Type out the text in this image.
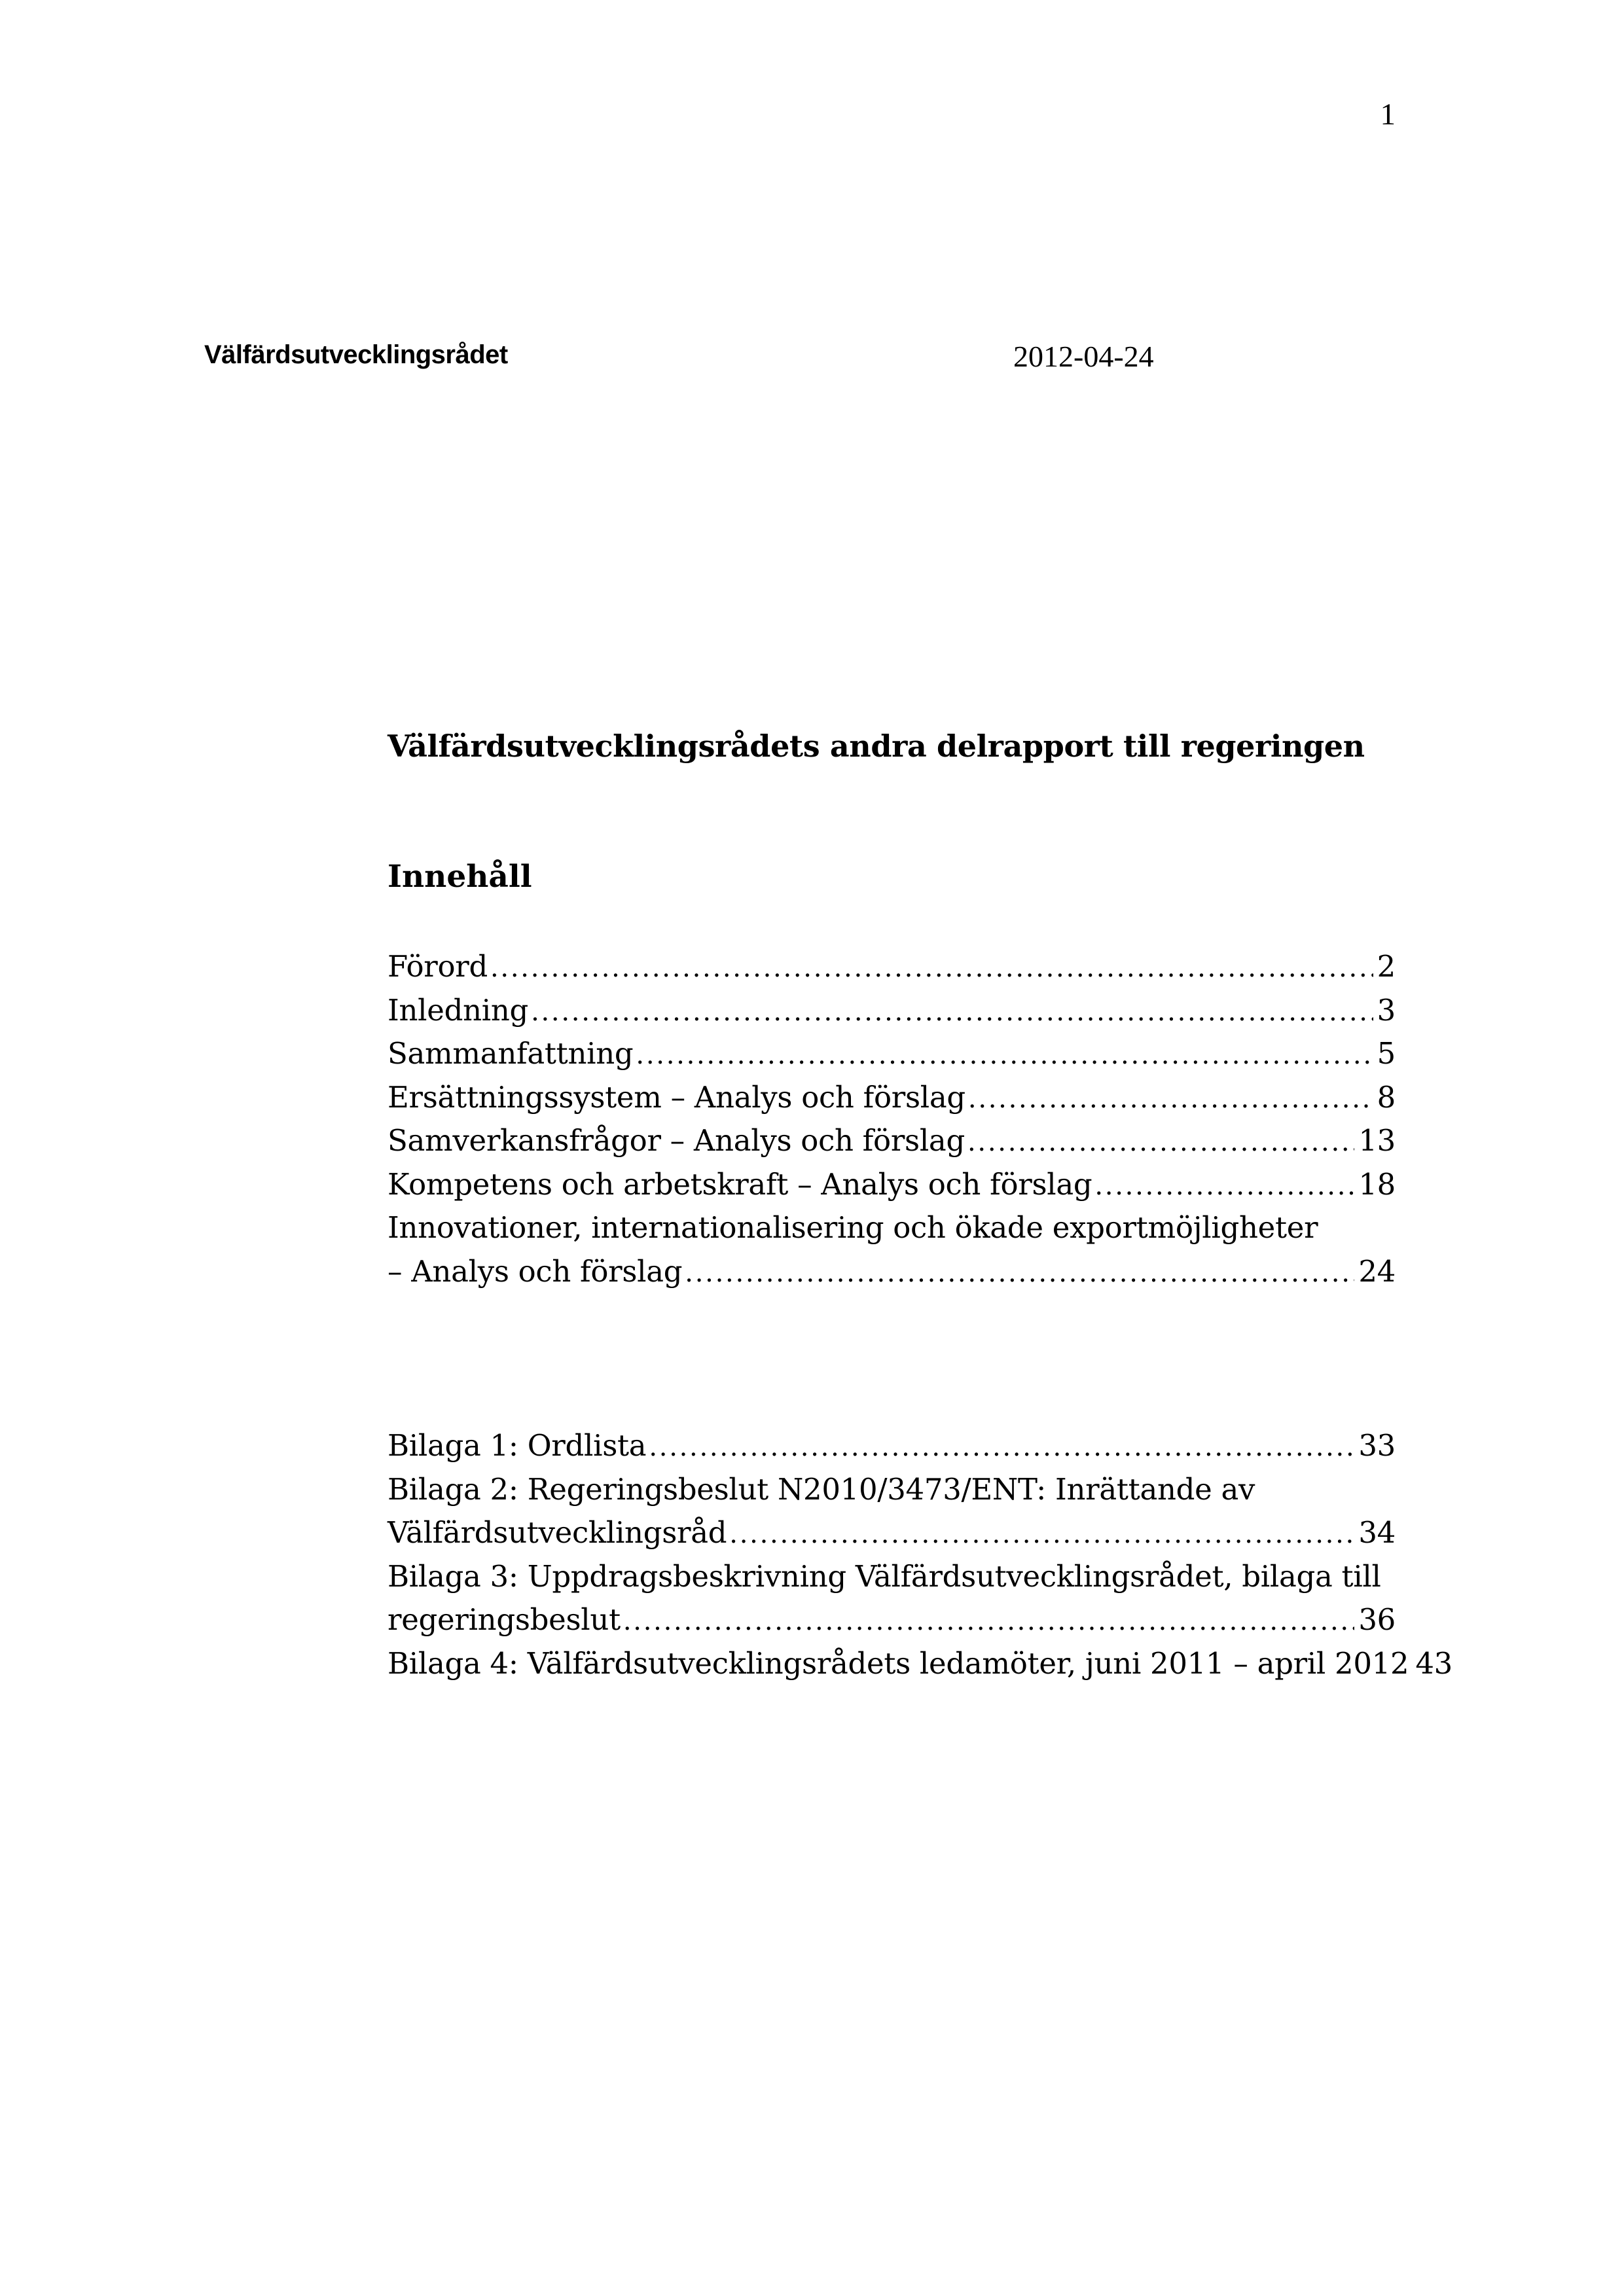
1
Välfärdsutvecklingsrådet	2012-04-24
Välfärdsutvecklingsrådets andra delrapport till regeringen
Innehåll
Förord . . .	2
Inledning . . .	3
Sammanfattning . . .	5
Ersättningssystem – Analys och förslag . . .	8
Samverkansfrågor – Analys och förslag . . .	13
Kompetens och arbetskraft – Analys och förslag . . .	18
Innovationer, internationalisering och ökade exportmöjligheter
– Analys och förslag . . .	24
Bilaga 1: Ordlista . . .	33
Bilaga 2: Regeringsbeslut N2010/3473/ENT: Inrättande av
Välfärdsutvecklingsråd . . .	34
Bilaga 3: Uppdragsbeskrivning Välfärdsutvecklingsrådet, bilaga till
regeringsbeslut . . .	36
Bilaga 4: Välfärdsutvecklingsrådets ledamöter, juni 2011 – april 2012 43
